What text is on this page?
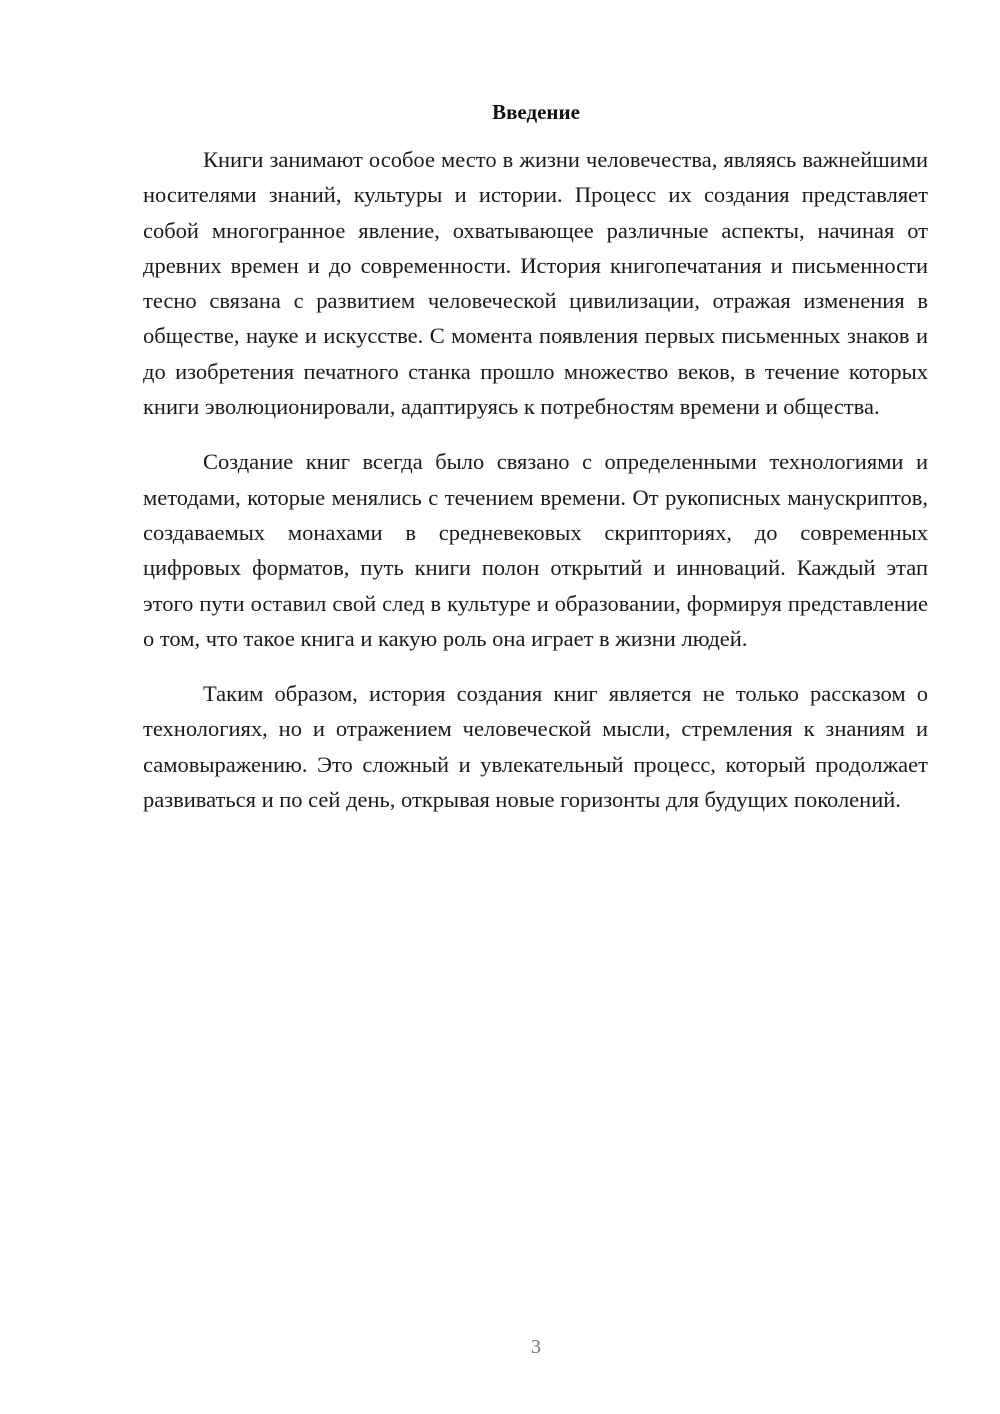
Введение

Книги занимают особое место в жизни человечества, являясь важнейшими носителями знаний, культуры и истории. Процесс их создания представляет собой многогранное явление, охватывающее различные аспекты, начиная от древних времен и до современности. История книгопечатания и письменности тесно связана с развитием человеческой цивилизации, отражая изменения в обществе, науке и искусстве. С момента появления первых письменных знаков и до изобретения печатного станка прошло множество веков, в течение которых книги эволюционировали, адаптируясь к потребностям времени и общества.

Создание книг всегда было связано с определенными технологиями и методами, которые менялись с течением времени. От рукописных манускриптов, создаваемых монахами в средневековых скрипториях, до современных цифровых форматов, путь книги полон открытий и инноваций. Каждый этап этого пути оставил свой след в культуре и образовании, формируя представление о том, что такое книга и какую роль она играет в жизни людей.

Таким образом, история создания книг является не только рассказом о технологиях, но и отражением человеческой мысли, стремления к знаниям и самовыражению. Это сложный и увлекательный процесс, который продолжает развиваться и по сей день, открывая новые горизонты для будущих поколений.

3
